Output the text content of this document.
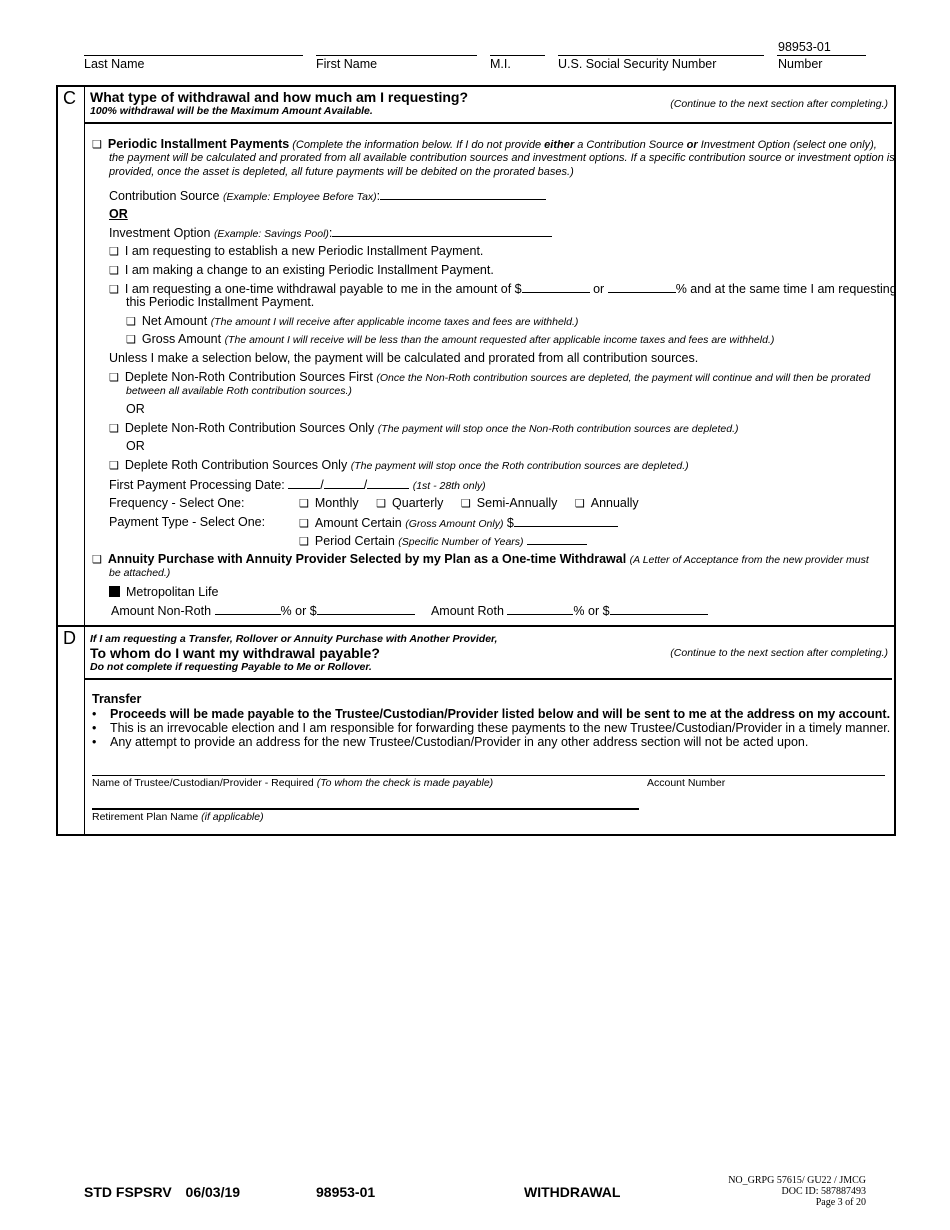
98953-01
Last Name	First Name	M.I.	U.S. Social Security Number	Number
C What type of withdrawal and how much am I requesting?
100% withdrawal will be the Maximum Amount Available.
(Continue to the next section after completing.)
❑ Periodic Installment Payments (Complete the information below. If I do not provide either a Contribution Source or Investment Option (select one only),
the payment will be calculated and prorated from all available contribution sources and investment options. If a specific contribution source or investment option is
provided, once the asset is depleted, all future payments will be debited on the prorated bases.)
Contribution Source (Example: Employee Before Tax):
OR
Investment Option (Example: Savings Pool):
❑ I am requesting to establish a new Periodic Installment Payment.
❑ I am making a change to an existing Periodic Installment Payment.
❑ I am requesting a one-time withdrawal payable to me in the amount of $	or	% and at the same time I am requesting
this Periodic Installment Payment.
❑ Net Amount (The amount I will receive after applicable income taxes and fees are withheld.)
❑ Gross Amount (The amount I will receive will be less than the amount requested after applicable income taxes and fees are withheld.)
Unless I make a selection below, the payment will be calculated and prorated from all contribution sources.
❑ Deplete Non-Roth Contribution Sources First (Once the Non-Roth contribution sources are depleted, the payment will continue and will then be prorated
between all available Roth contribution sources.)
OR
❑ Deplete Non-Roth Contribution Sources Only (The payment will stop once the Non-Roth contribution sources are depleted.)
OR
❑ Deplete Roth Contribution Sources Only (The payment will stop once the Roth contribution sources are depleted.)
First Payment Processing Date:	/	/	(1st - 28th only)
Frequency - Select One:	❑ Monthly ❑ Quarterly ❑ Semi-Annually ❑ Annually
Payment Type - Select One:	❑ Amount Certain (Gross Amount Only) $
❑ Period Certain (Specific Number of Years)
❑ Annuity Purchase with Annuity Provider Selected by my Plan as a One-time Withdrawal (A Letter of Acceptance from the new provider must
be attached.)
Metropolitan Life
Amount Non-Roth	% or $	Amount Roth	% or $
D If I am requesting a Transfer, Rollover or Annuity Purchase with Another Provider,
To whom do I want my withdrawal payable?
Do not complete if requesting Payable to Me or Rollover.
(Continue to the next section after completing.)
Transfer
• Proceeds will be made payable to the Trustee/Custodian/Provider listed below and will be sent to me at the address on my account.
• This is an irrevocable election and I am responsible for forwarding these payments to the new Trustee/Custodian/Provider in a timely manner.
• Any attempt to provide an address for the new Trustee/Custodian/Provider in any other address section will not be acted upon.
Name of Trustee/Custodian/Provider - Required (To whom the check is made payable)	Account Number
Retirement Plan Name (if applicable)
STD FSPSRV 06/03/19	98953-01	WITHDRAWAL
NO_GRPG 57615/ GU22 / JMCG
DOC ID: 587887493
Page 3 of 20
